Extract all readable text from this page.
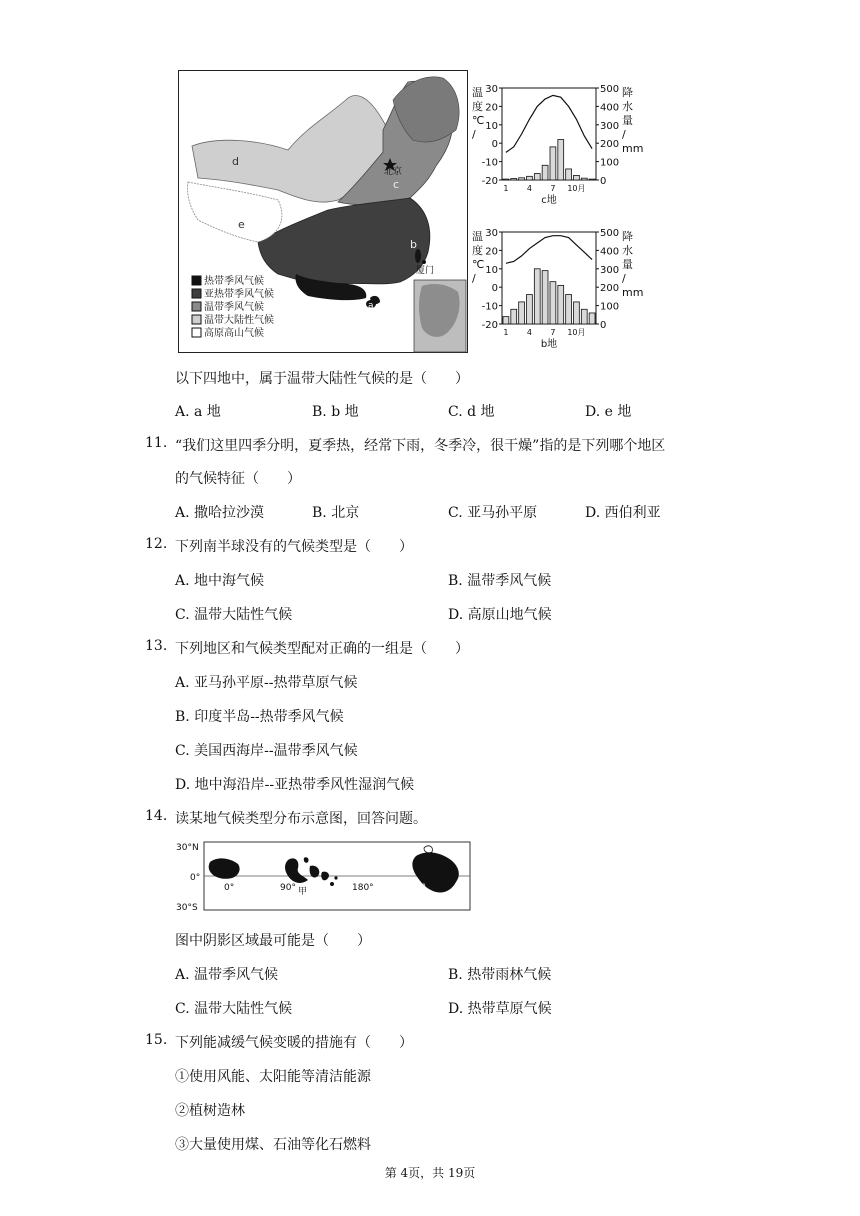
北京
d
c
e
b
a
厦门
热带季风气候
亚热带季风气候
温带季风气候
温带大陆性气候
高原高山气候
温
度
℃
/
降
水
量
/
mm
30
20
10
0
-10
-20
500
400
300
200
100
0
1 4 7 10月
c地
温
度
℃
/
降
水
量
/
mm
30
20
10
0
-10
-20
500
400
300
200
100
0
1 4 7 10月
b地
以下四地中，属于温带大陆性气候的是（　　）
A. a 地	B. b 地	C. d 地	D. e 地
11. “我们这里四季分明，夏季热，经常下雨，冬季冷，很干燥”指的是下列哪个地区
的气候特征（　　）
A. 撒哈拉沙漠	B. 北京	C. 亚马孙平原	D. 西伯利亚
12. 下列南半球没有的气候类型是（　　）
A. 地中海气候	B. 温带季风气候
C. 温带大陆性气候	D. 高原山地气候
13. 下列地区和气候类型配对正确的一组是（　　）
A. 亚马孙平原--热带草原气候
B. 印度半岛--热带季风气候
C. 美国西海岸--温带季风气候
D. 地中海沿岸--亚热带季风性湿润气候
14. 读某地气候类型分布示意图，回答问题。
30°N
0°
30°S
0°	90° 甲	180°	90°
图中阴影区域最可能是（　　）
A. 温带季风气候	B. 热带雨林气候
C. 温带大陆性气候	D. 热带草原气候
15. 下列能减缓气候变暖的措施有（　　）
①使用风能、太阳能等清洁能源
②植树造林
③大量使用煤、石油等化石燃料
第 4页，共 19页
